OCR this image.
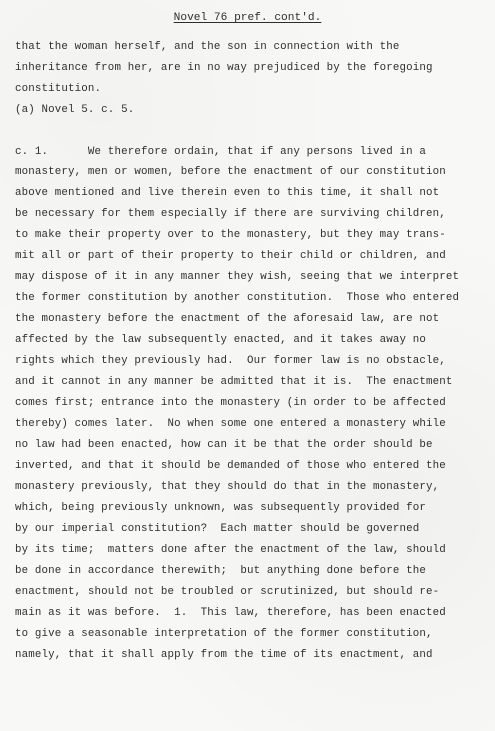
Novel 76 pref. cont'd.
that the woman herself, and the son in connection with the
inheritance from her, are in no way prejudiced by the foregoing
constitution.
(a) Novel 5. c. 5.
c. 1.      We therefore ordain, that if any persons lived in a
monastery, men or women, before the enactment of our constitution
above mentioned and live therein even to this time, it shall not
be necessary for them especially if there are surviving children,
to make their property over to the monastery, but they may trans-
mit all or part of their property to their child or children, and
may dispose of it in any manner they wish, seeing that we interpret
the former constitution by another constitution.  Those who entered
the monastery before the enactment of the aforesaid law, are not
affected by the law subsequently enacted, and it takes away no
rights which they previously had.  Our former law is no obstacle,
and it cannot in any manner be admitted that it is.  The enactment
comes first; entrance into the monastery (in order to be affected
thereby) comes later.  No when some one entered a monastery while
no law had been enacted, how can it be that the order should be
inverted, and that it should be demanded of those who entered the
monastery previously, that they should do that in the monastery,
which, being previously unknown, was subsequently provided for
by our imperial constitution?  Each matter should be governed
by its time;  matters done after the enactment of the law, should
be done in accordance therewith;  but anything done before the
enactment, should not be troubled or scrutinized, but should re-
main as it was before.  1.  This law, therefore, has been enacted
to give a seasonable interpretation of the former constitution,
namely, that it shall apply from the time of its enactment, and
